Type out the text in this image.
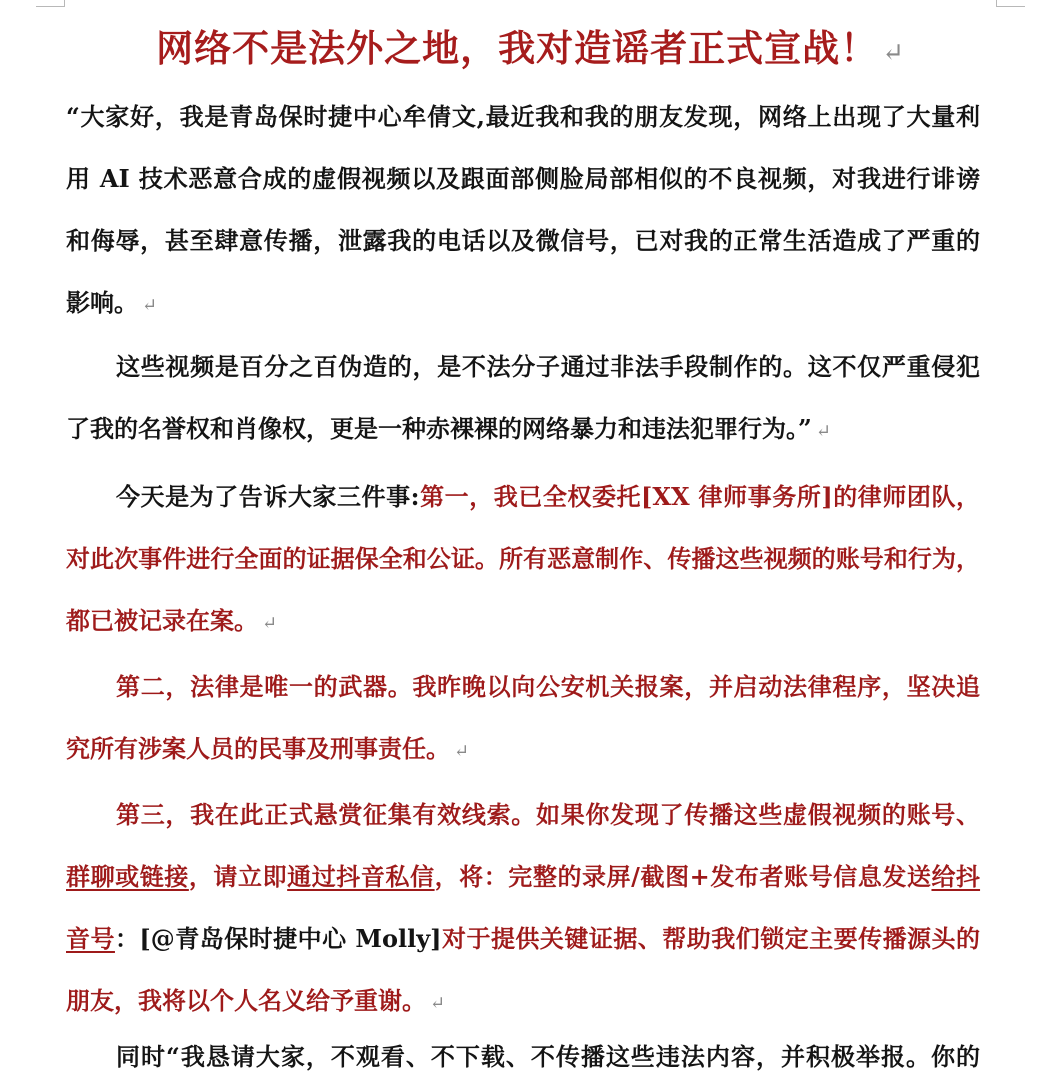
网络不是法外之地，我对造谣者正式宣战！ ↵
“大家好，我是青岛保时捷中心牟倩文,最近我和我的朋友发现，网络上出现了大量利
用 AI 技术恶意合成的虚假视频以及跟面部侧脸局部相似的不良视频，对我进行诽谤
和侮辱，甚至肆意传播，泄露我的电话以及微信号，已对我的正常生活造成了严重的
影响。 ↵
这些视频是百分之百伪造的，是不法分子通过非法手段制作的。这不仅严重侵犯
了我的名誉权和肖像权，更是一种赤裸裸的网络暴力和违法犯罪行为。” ↵
今天是为了告诉大家三件事:第一，我已全权委托[XX 律师事务所]的律师团队，
对此次事件进行全面的证据保全和公证。所有恶意制作、传播这些视频的账号和行为，
都已被记录在案。 ↵
第二，法律是唯一的武器。我昨晚以向公安机关报案，并启动法律程序，坚决追
究所有涉案人员的民事及刑事责任。 ↵
第三，我在此正式悬赏征集有效线索。如果你发现了传播这些虚假视频的账号、
群聊或链接，请立即通过抖音私信，将：完整的录屏/截图+发布者账号信息发送给抖
音号：[@青岛保时捷中心 Molly]对于提供关键证据、帮助我们锁定主要传播源头的
朋友，我将以个人名义给予重谢。 ↵
同时“我恳请大家，不观看、不下载、不传播这些违法内容，并积极举报。你的
